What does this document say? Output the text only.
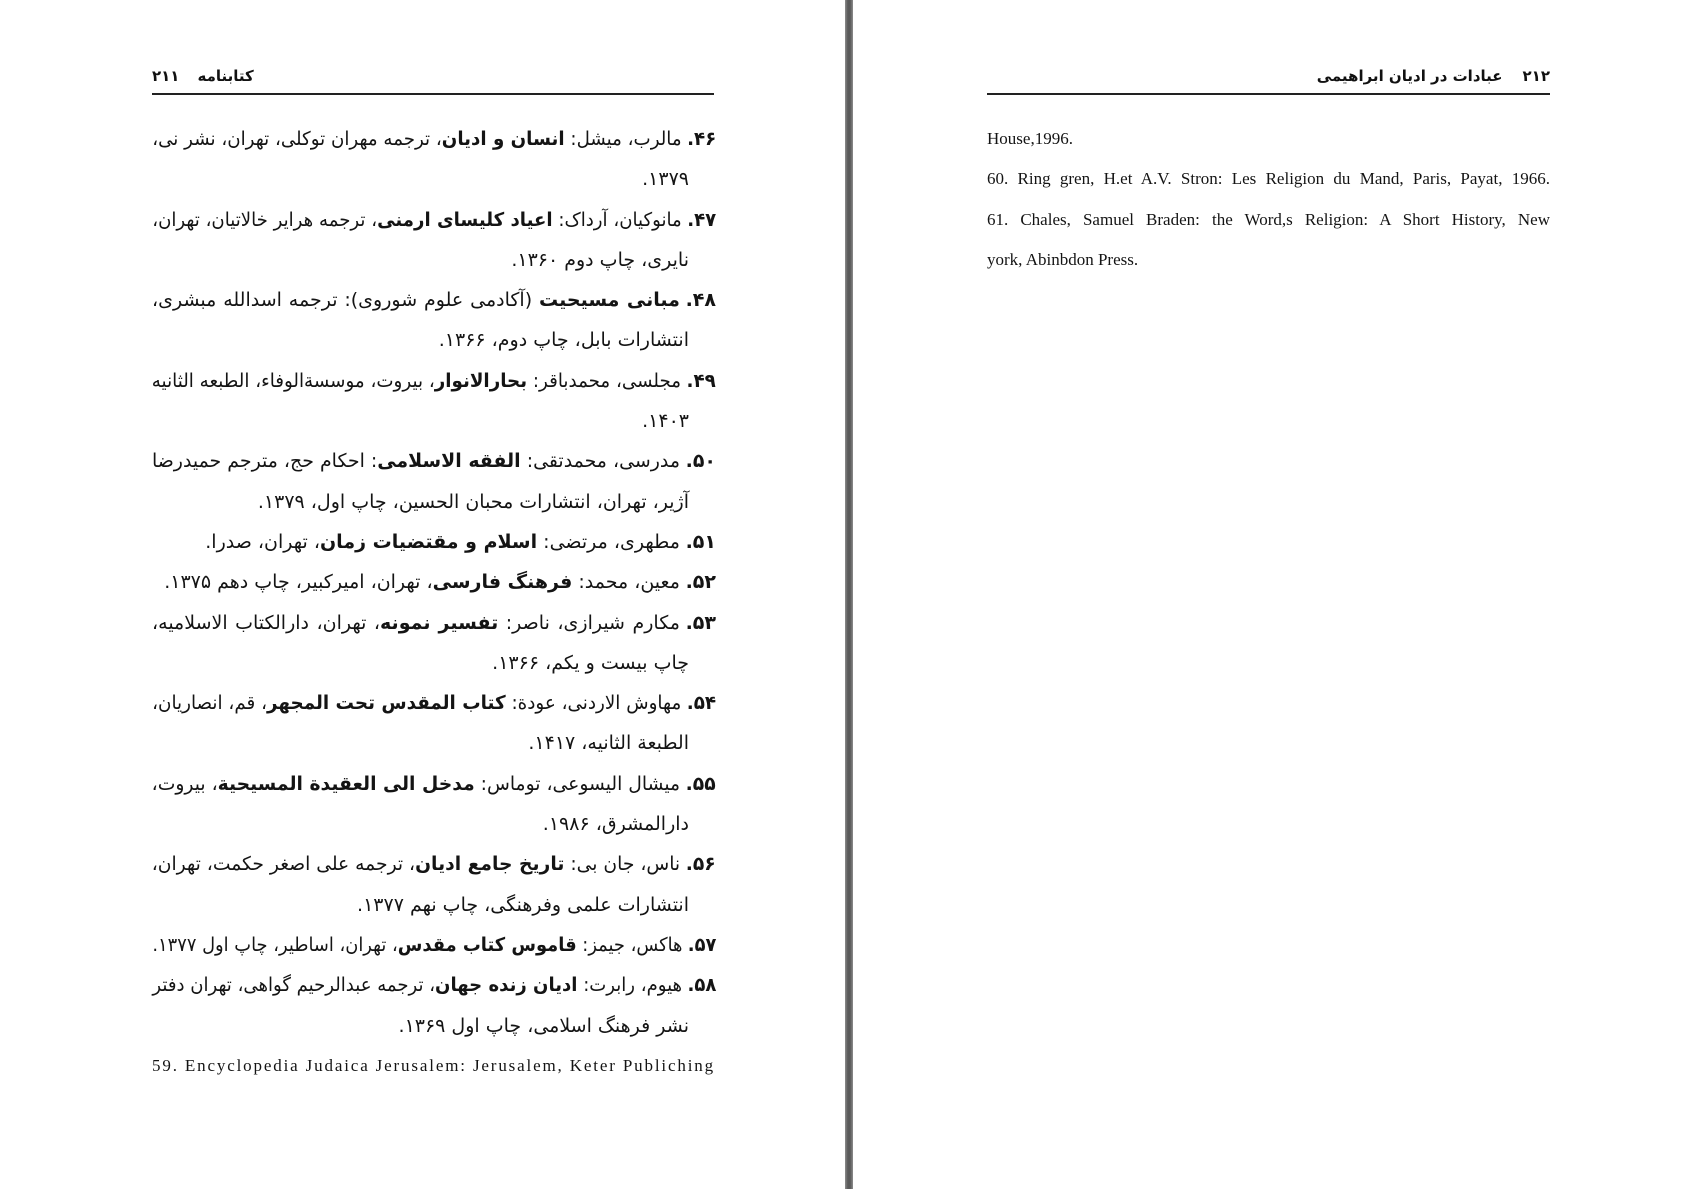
۲۱۱ کتابنامه
۴۶.مالرب، میشل: انسان و ادیان، ترجمه مهران توکلی، تهران، نشر نی،
۱۳۷۹.
۴۷.مانوکیان، آرداک: اعیاد کلیسای ارمنی، ترجمه هرایر خالاتیان، تهران،
نایری، چاپ دوم ۱۳۶۰.
۴۸.مبانی مسیحیت (آکادمی علوم شوروی): ترجمه اسدالله مبشری،
انتشارات بابل، چاپ دوم، ۱۳۶۶.
۴۹.مجلسی، محمدباقر: بحارالانوار، بیروت، موسسةالوفاء، الطبعه الثانیه
۱۴۰۳.
۵۰.مدرسی، محمدتقی: الفقه الاسلامی: احکام حج، مترجم حمیدرضا
آژیر، تهران، انتشارات محبان الحسین، چاپ اول، ۱۳۷۹.
۵۱.مطهری، مرتضی: اسلام و مقتضیات زمان، تهران، صدرا.
۵۲.معین، محمد: فرهنگ فارسی، تهران، امیرکبیر، چاپ دهم ۱۳۷۵.
۵۳.مکارم شیرازی، ناصر: تفسیر نمونه، تهران، دارالکتاب الاسلامیه،
چاپ بیست و یکم، ۱۳۶۶.
۵۴.مهاوش الاردنی، عودة: کتاب المقدس تحت المجهر، قم، انصاریان،
الطبعة الثانیه، ۱۴۱۷.
۵۵.میشال الیسوعی، توماس: مدخل الی العقیدة المسیحیة، بیروت،
دارالمشرق، ۱۹۸۶.
۵۶.ناس، جان بی: تاریخ جامع ادیان، ترجمه علی اصغر حکمت، تهران،
انتشارات علمی وفرهنگی، چاپ نهم ۱۳۷۷.
۵۷.هاکس، جیمز: قاموس کتاب مقدس، تهران، اساطیر، چاپ اول ۱۳۷۷.
۵۸.هیوم، رابرت: ادیان زنده جهان، ترجمه عبدالرحیم گواهی، تهران دفتر
نشر فرهنگ اسلامی، چاپ اول ۱۳۶۹.
59. Encyclopedia Judaica Jerusalem: Jerusalem, Keter Publiching
عبادات در ادیان ابراهیمی ۲۱۲
House,1996.
60. Ring gren, H.et A.V. Stron: Les Religion du Mand, Paris, Payat, 1966.
61. Chales, Samuel Braden: the Word,s Religion: A Short History, New
york, Abinbdon Press.
